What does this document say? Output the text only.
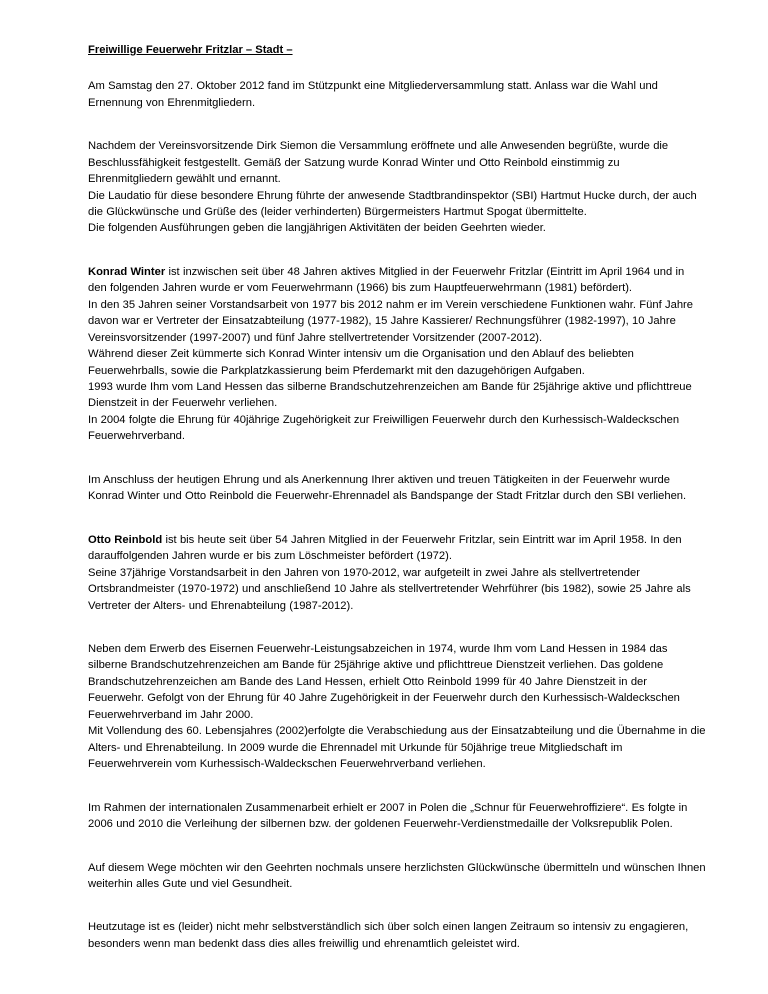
Freiwillige Feuerwehr Fritzlar – Stadt –

Am Samstag den 27. Oktober 2012 fand im Stützpunkt eine Mitgliederversammlung statt. Anlass war die Wahl und Ernennung von Ehrenmitgliedern.

Nachdem der Vereinsvorsitzende Dirk Siemon die Versammlung eröffnete und alle Anwesenden begrüßte, wurde die Beschlussfähigkeit festgestellt. Gemäß der Satzung wurde Konrad Winter und Otto Reinbold einstimmig zu Ehrenmitgliedern gewählt und ernannt.

Die Laudatio für diese besondere Ehrung führte der anwesende Stadtbrandinspektor (SBI) Hartmut Hucke durch, der auch die Glückwünsche und Grüße des (leider verhinderten) Bürgermeisters Hartmut Spogat übermittelte.

Die folgenden Ausführungen geben die langjährigen Aktivitäten der beiden Geehrten wieder.

Konrad Winter ist inzwischen seit über 48 Jahren aktives Mitglied in der Feuerwehr Fritzlar (Eintritt im April 1964 und in den folgenden Jahren wurde er vom Feuerwehrmann (1966) bis zum Hauptfeuerwehrmann (1981) befördert).

In den 35 Jahren seiner Vorstandsarbeit von 1977 bis 2012 nahm er im Verein verschiedene Funktionen wahr. Fünf Jahre davon war er Vertreter der Einsatzabteilung (1977-1982), 15 Jahre Kassierer/ Rechnungsführer (1982-1997), 10 Jahre Vereinsvorsitzender (1997-2007) und fünf Jahre stellvertretender Vorsitzender (2007-2012).

Während dieser Zeit kümmerte sich Konrad Winter intensiv um die Organisation und den Ablauf des beliebten Feuerwehrballs, sowie die Parkplatzkassierung beim Pferdemarkt mit den dazugehörigen Aufgaben.

1993 wurde Ihm vom Land Hessen das silberne Brandschutzehrenzeichen am Bande für 25jährige aktive und pflichttreue Dienstzeit in der Feuerwehr verliehen.

In 2004 folgte die Ehrung für 40jährige Zugehörigkeit zur Freiwilligen Feuerwehr durch den Kurhessisch-Waldeckschen Feuerwehrverband.

Im Anschluss der heutigen Ehrung und als Anerkennung Ihrer aktiven und treuen Tätigkeiten in der Feuerwehr wurde Konrad Winter und Otto Reinbold die Feuerwehr-Ehrennadel als Bandspange der Stadt Fritzlar durch den SBI verliehen.

Otto Reinbold ist bis heute seit über 54 Jahren Mitglied in der Feuerwehr Fritzlar, sein Eintritt war im April 1958. In den darauffolgenden Jahren wurde er bis zum Löschmeister befördert (1972).

Seine 37jährige Vorstandsarbeit in den Jahren von 1970-2012, war aufgeteilt in zwei Jahre als stellvertretender Ortsbrandmeister (1970-1972) und anschließend 10 Jahre als stellvertretender Wehrführer (bis 1982), sowie 25 Jahre als Vertreter der Alters- und Ehrenabteilung (1987-2012).

Neben dem Erwerb des Eisernen Feuerwehr-Leistungsabzeichen in 1974, wurde Ihm vom Land Hessen in 1984 das silberne Brandschutzehrenzeichen am Bande für 25jährige aktive und pflichttreue Dienstzeit verliehen. Das goldene Brandschutzehrenzeichen am Bande des Land Hessen, erhielt Otto Reinbold 1999 für 40 Jahre Dienstzeit in der Feuerwehr. Gefolgt von der Ehrung für 40 Jahre Zugehörigkeit in der Feuerwehr durch den Kurhessisch-Waldeckschen Feuerwehrverband im Jahr 2000.

Mit Vollendung des 60. Lebensjahres (2002)erfolgte die Verabschiedung aus der Einsatzabteilung und die Übernahme in die Alters- und Ehrenabteilung. In 2009 wurde die Ehrennadel mit Urkunde für 50jährige treue Mitgliedschaft im Feuerwehrverein vom Kurhessisch-Waldeckschen Feuerwehrverband verliehen.

Im Rahmen der internationalen Zusammenarbeit erhielt er 2007 in Polen die „Schnur für Feuerwehroffiziere“. Es folgte in 2006 und 2010 die Verleihung der silbernen bzw. der goldenen Feuerwehr-Verdienstmedaille der Volksrepublik Polen.

Auf diesem Wege möchten wir den Geehrten nochmals unsere herzlichsten Glückwünsche übermitteln und wünschen Ihnen weiterhin alles Gute und viel Gesundheit.

Heutzutage ist es (leider) nicht mehr selbstverständlich sich über solch einen langen Zeitraum so intensiv zu engagieren, besonders wenn man bedenkt dass dies alles freiwillig und ehrenamtlich geleistet wird.
